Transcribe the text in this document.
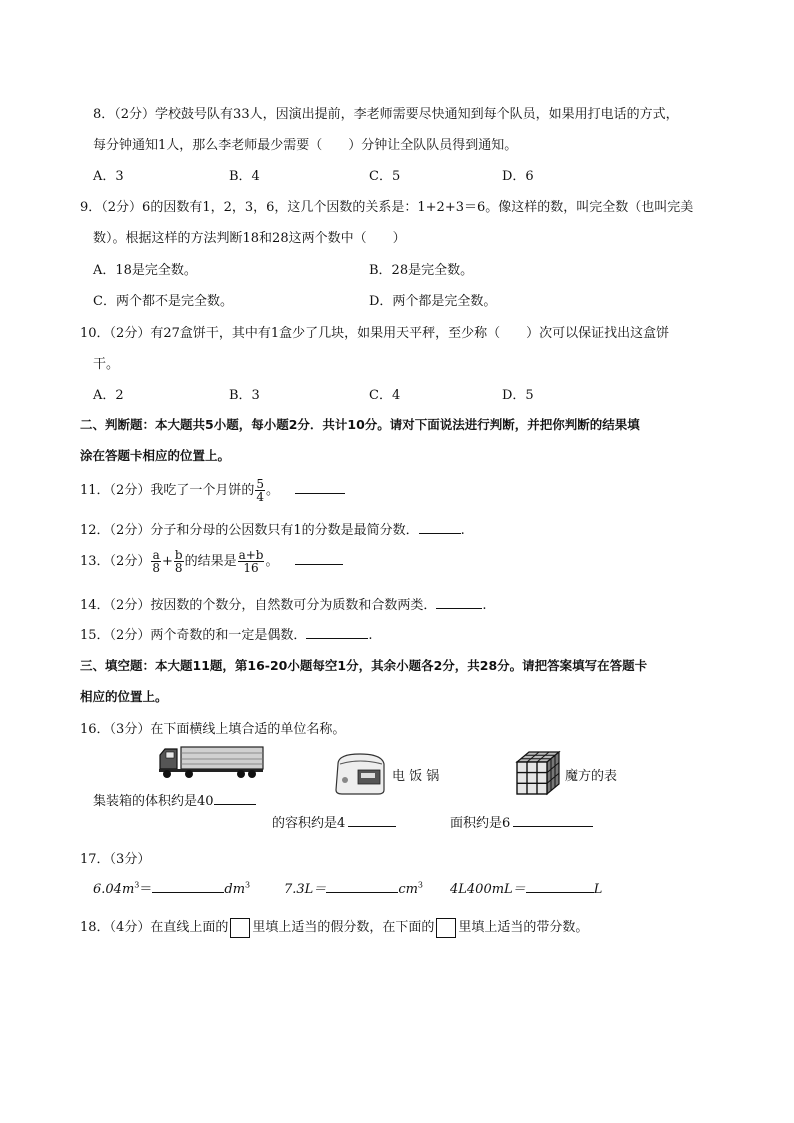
8．（2分）学校鼓号队有33人，因演出提前，李老师需要尽快通知到每个队员，如果用打电话的方式，
每分钟通知1人，那么李老师最少需要（　　）分钟让全队队员得到通知。
A．3	B．4	C．5	D．6
9．（2分）6的因数有1，2，3，6，这几个因数的关系是：1+2+3＝6。像这样的数，叫完全数（也叫完美
数）。根据这样的方法判断18和28这两个数中（　　）
A．18是完全数。	B．28是完全数。
C．两个都不是完全数。	D．两个都是完全数。
10．（2分）有27盒饼干，其中有1盒少了几块，如果用天平秤，至少称（　　）次可以保证找出这盒饼
干。
A．2	B．3	C．4	D．5
二、判断题：本大题共5小题，每小题2分．共计10分。请对下面说法进行判断，并把你判断的结果填
涂在答题卡相应的位置上。
11．（2分）我吃了一个月饼的 $\frac{5}{4}$ 。
12．（2分）分子和分母的公因数只有1的分数是最简分数．	.
13．（2分） $\frac{a}{8} + \frac{b}{8}$ 的结果是 $\frac{a+b}{16}$ 。
14．（2分）按因数的个数分，自然数可分为质数和合数两类．	.
15．（2分）两个奇数的和一定是偶数．	.
三、填空题：本大题11题，第16-20小题每空1分，其余小题各2分，共28分。请把答案填写在答题卡
相应的位置上。
16．（3分）在下面横线上填合适的单位名称。
电 饭 锅	魔方的表
集装箱的体积约是40
的容积约是4	面积约是6
17．（3分）
$6.04m^3=$	$dm^3$	7.3L＝	$cm^3$ 4L400mL＝	L
18．（4分）在直线上面的 里填上适当的假分数，在下面的 里填上适当的带分数。
